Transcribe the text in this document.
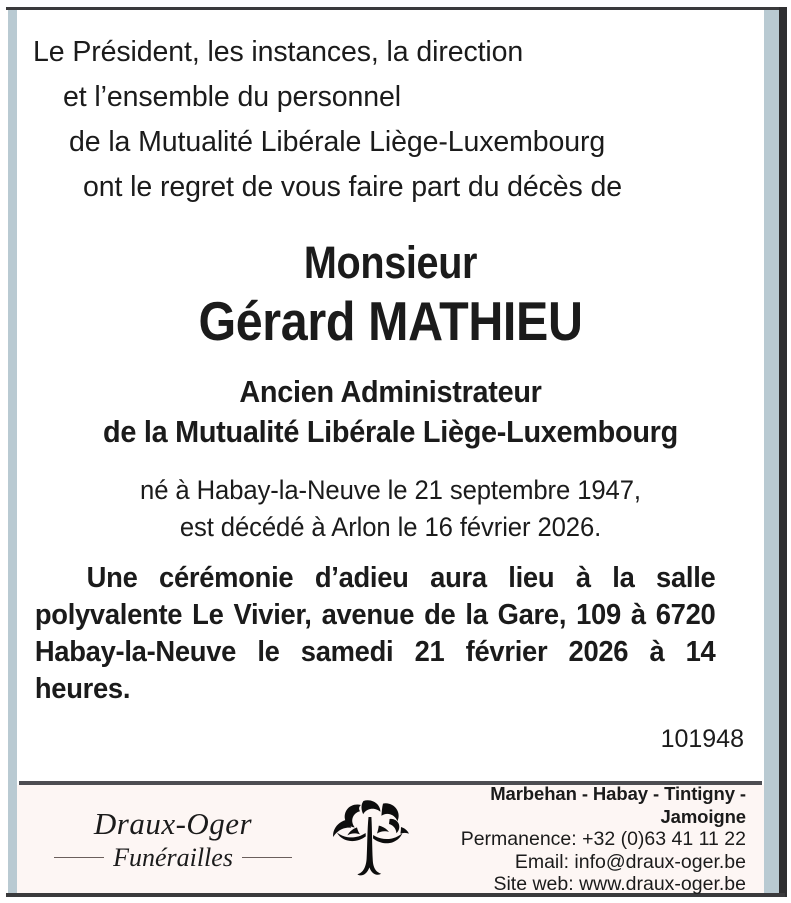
Le Président, les instances, la direction
et l’ensemble du personnel
de la Mutualité Libérale Liège-Luxembourg
ont le regret de vous faire part du décès de
Monsieur
Gérard MATHIEU
Ancien Administrateur
de la Mutualité Libérale Liège-Luxembourg
né à Habay-la-Neuve le 21 septembre 1947,
est décédé à Arlon le 16 février 2026.
Une cérémonie d’adieu aura lieu à la salle polyvalente Le Vivier, avenue de la Gare, 109 à 6720 Habay-la-Neuve le samedi 21 février 2026 à 14 heures.
101948
Draux-Oger
Funérailles
Marbehan - Habay - Tintigny - Jamoigne
Permanence: +32 (0)63 41 11 22
Email: info@draux-oger.be
Site web: www.draux-oger.be
